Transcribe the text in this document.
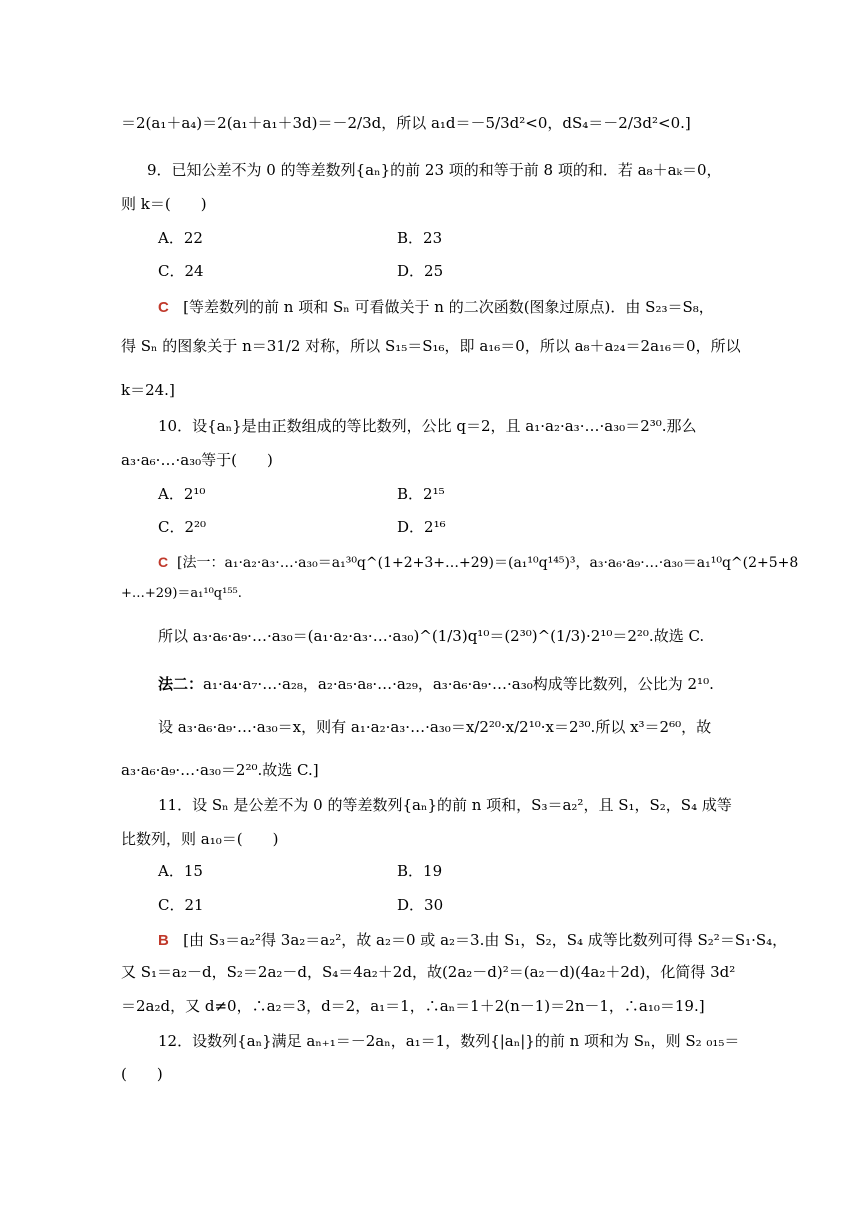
＝2(a₁＋a₄)＝2(a₁＋a₁＋3d)＝－2/3d，所以 a₁d＝－5/3d²<0，dS₄＝－2/3d²<0.]
9．已知公差不为 0 的等差数列{aₙ}的前 23 项的和等于前 8 项的和．若 a₈＋aₖ＝0，
则 k＝(　　)
A．22	B．23
C．24	D．25
C [等差数列的前 n 项和 Sₙ 可看做关于 n 的二次函数(图象过原点)．由 S₂₃＝S₈，
得 Sₙ 的图象关于 n＝31/2 对称，所以 S₁₅＝S₁₆，即 a₁₆＝0，所以 a₈＋a₂₄＝2a₁₆＝0，所以
k＝24.]
10．设{aₙ}是由正数组成的等比数列，公比 q＝2，且 a₁·a₂·a₃·…·a₃₀＝2³⁰.那么
a₃·a₆·…·a₃₀等于(　　)
A．2¹⁰	B．2¹⁵
C．2²⁰	D．2¹⁶
C [法一：a₁·a₂·a₃·…·a₃₀＝a₁³⁰q^(1+2+3+…+29)＝(a₁¹⁰q¹⁴⁵)³，a₃·a₆·a₉·…·a₃₀＝a₁¹⁰q^(2+5+8
+…+29)＝a₁¹⁰q¹⁵⁵.
所以 a₃·a₆·a₉·…·a₃₀＝(a₁·a₂·a₃·…·a₃₀)^(1/3)q¹⁰＝(2³⁰)^(1/3)·2¹⁰＝2²⁰.故选 C.
法二：a₁·a₄·a₇·…·a₂₈，a₂·a₅·a₈·…·a₂₉，a₃·a₆·a₉·…·a₃₀构成等比数列，公比为 2¹⁰.
设 a₃·a₆·a₉·…·a₃₀＝x，则有 a₁·a₂·a₃·…·a₃₀＝x/2²⁰·x/2¹⁰·x＝2³⁰.所以 x³＝2⁶⁰，故
a₃·a₆·a₉·…·a₃₀＝2²⁰.故选 C.]
11．设 Sₙ 是公差不为 0 的等差数列{aₙ}的前 n 项和，S₃＝a₂²，且 S₁，S₂，S₄ 成等
比数列，则 a₁₀＝(　　)
A．15	B．19
C．21	D．30
B [由 S₃＝a₂²得 3a₂＝a₂²，故 a₂＝0 或 a₂＝3.由 S₁，S₂，S₄ 成等比数列可得 S₂²＝S₁·S₄，
又 S₁＝a₂－d，S₂＝2a₂－d，S₄＝4a₂＋2d，故(2a₂－d)²＝(a₂－d)(4a₂＋2d)，化简得 3d²
＝2a₂d，又 d≠0，∴a₂＝3，d＝2，a₁＝1，∴aₙ＝1＋2(n－1)＝2n－1，∴a₁₀＝19.]
12．设数列{aₙ}满足 aₙ₊₁＝－2aₙ，a₁＝1，数列{|aₙ|}的前 n 项和为 Sₙ，则 S₂ ₀₁₅＝
(　　)
